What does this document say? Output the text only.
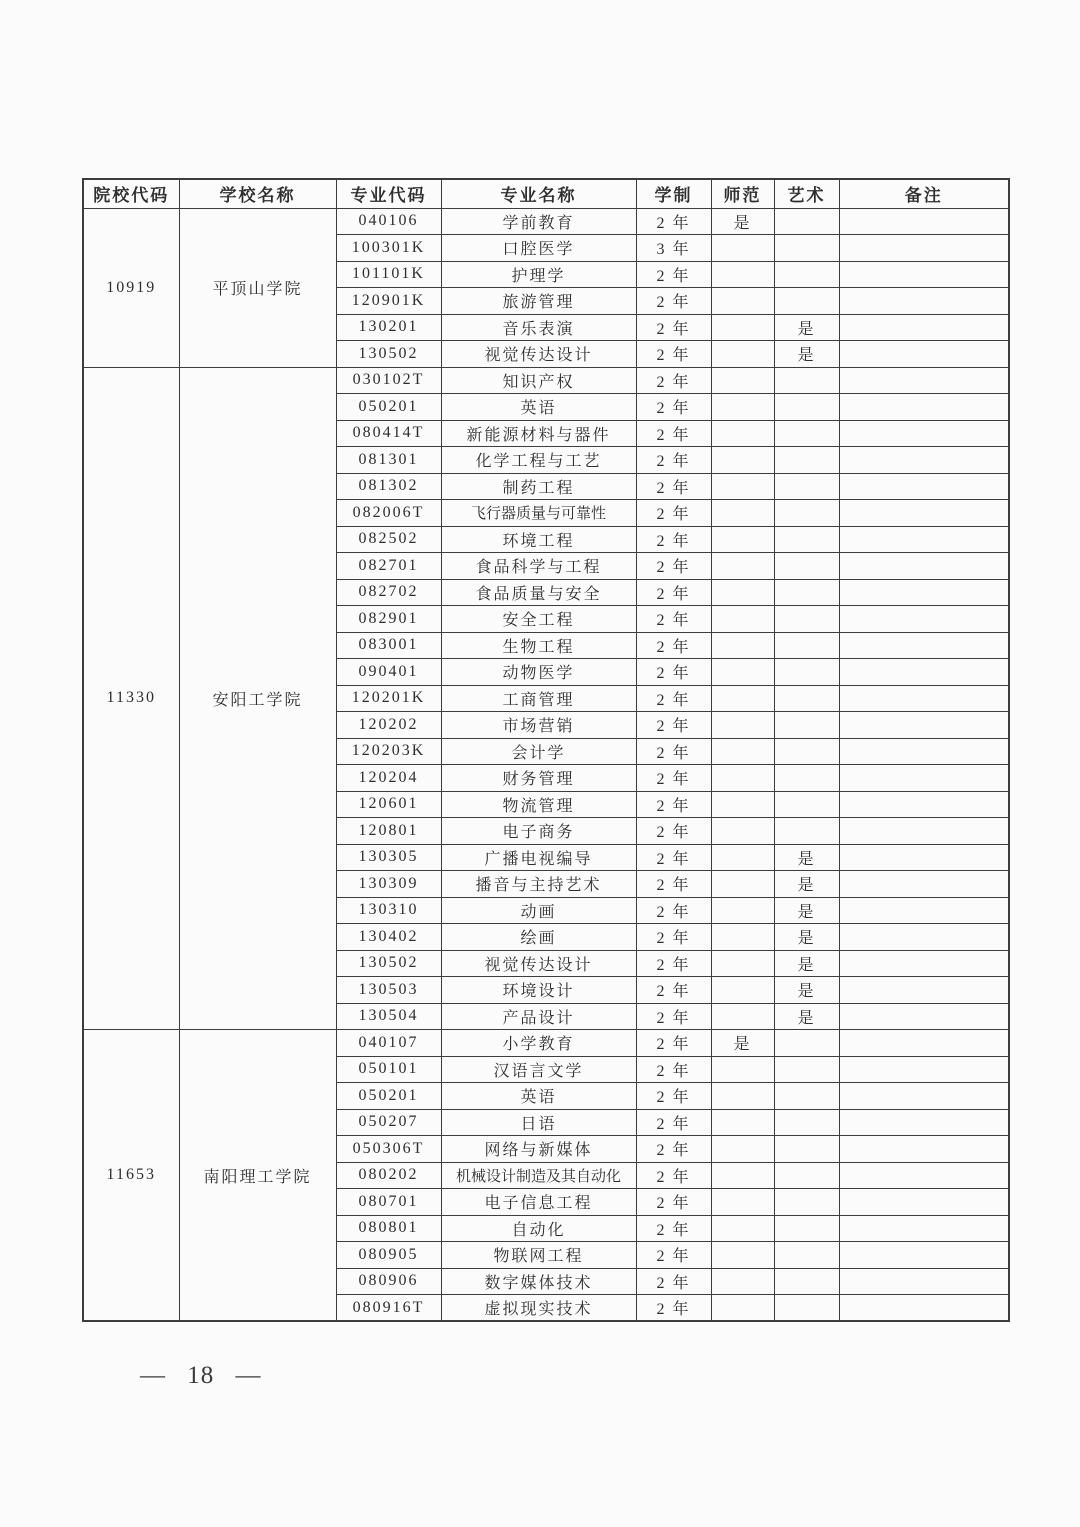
院校代码	学校名称	专业代码	专业名称	学制	师范	艺术	备注
10919	平顶山学院	040106	学前教育	2 年	是		
		100301K	口腔医学	3 年			
		101101K	护理学	2 年			
		120901K	旅游管理	2 年			
		130201	音乐表演	2 年		是	
		130502	视觉传达设计	2 年		是	
11330	安阳工学院	030102T	知识产权	2 年			
		050201	英语	2 年			
		080414T	新能源材料与器件	2 年			
		081301	化学工程与工艺	2 年			
		081302	制药工程	2 年			
		082006T	飞行器质量与可靠性	2 年			
		082502	环境工程	2 年			
		082701	食品科学与工程	2 年			
		082702	食品质量与安全	2 年			
		082901	安全工程	2 年			
		083001	生物工程	2 年			
		090401	动物医学	2 年			
		120201K	工商管理	2 年			
		120202	市场营销	2 年			
		120203K	会计学	2 年			
		120204	财务管理	2 年			
		120601	物流管理	2 年			
		120801	电子商务	2 年			
		130305	广播电视编导	2 年		是	
		130309	播音与主持艺术	2 年		是	
		130310	动画	2 年		是	
		130402	绘画	2 年		是	
		130502	视觉传达设计	2 年		是	
		130503	环境设计	2 年		是	
		130504	产品设计	2 年		是	
11653	南阳理工学院	040107	小学教育	2 年	是		
		050101	汉语言文学	2 年			
		050201	英语	2 年			
		050207	日语	2 年			
		050306T	网络与新媒体	2 年			
		080202	机械设计制造及其自动化	2 年			
		080701	电子信息工程	2 年			
		080801	自动化	2 年			
		080905	物联网工程	2 年			
		080906	数字媒体技术	2 年			
		080916T	虚拟现实技术	2 年			
— 18 —
